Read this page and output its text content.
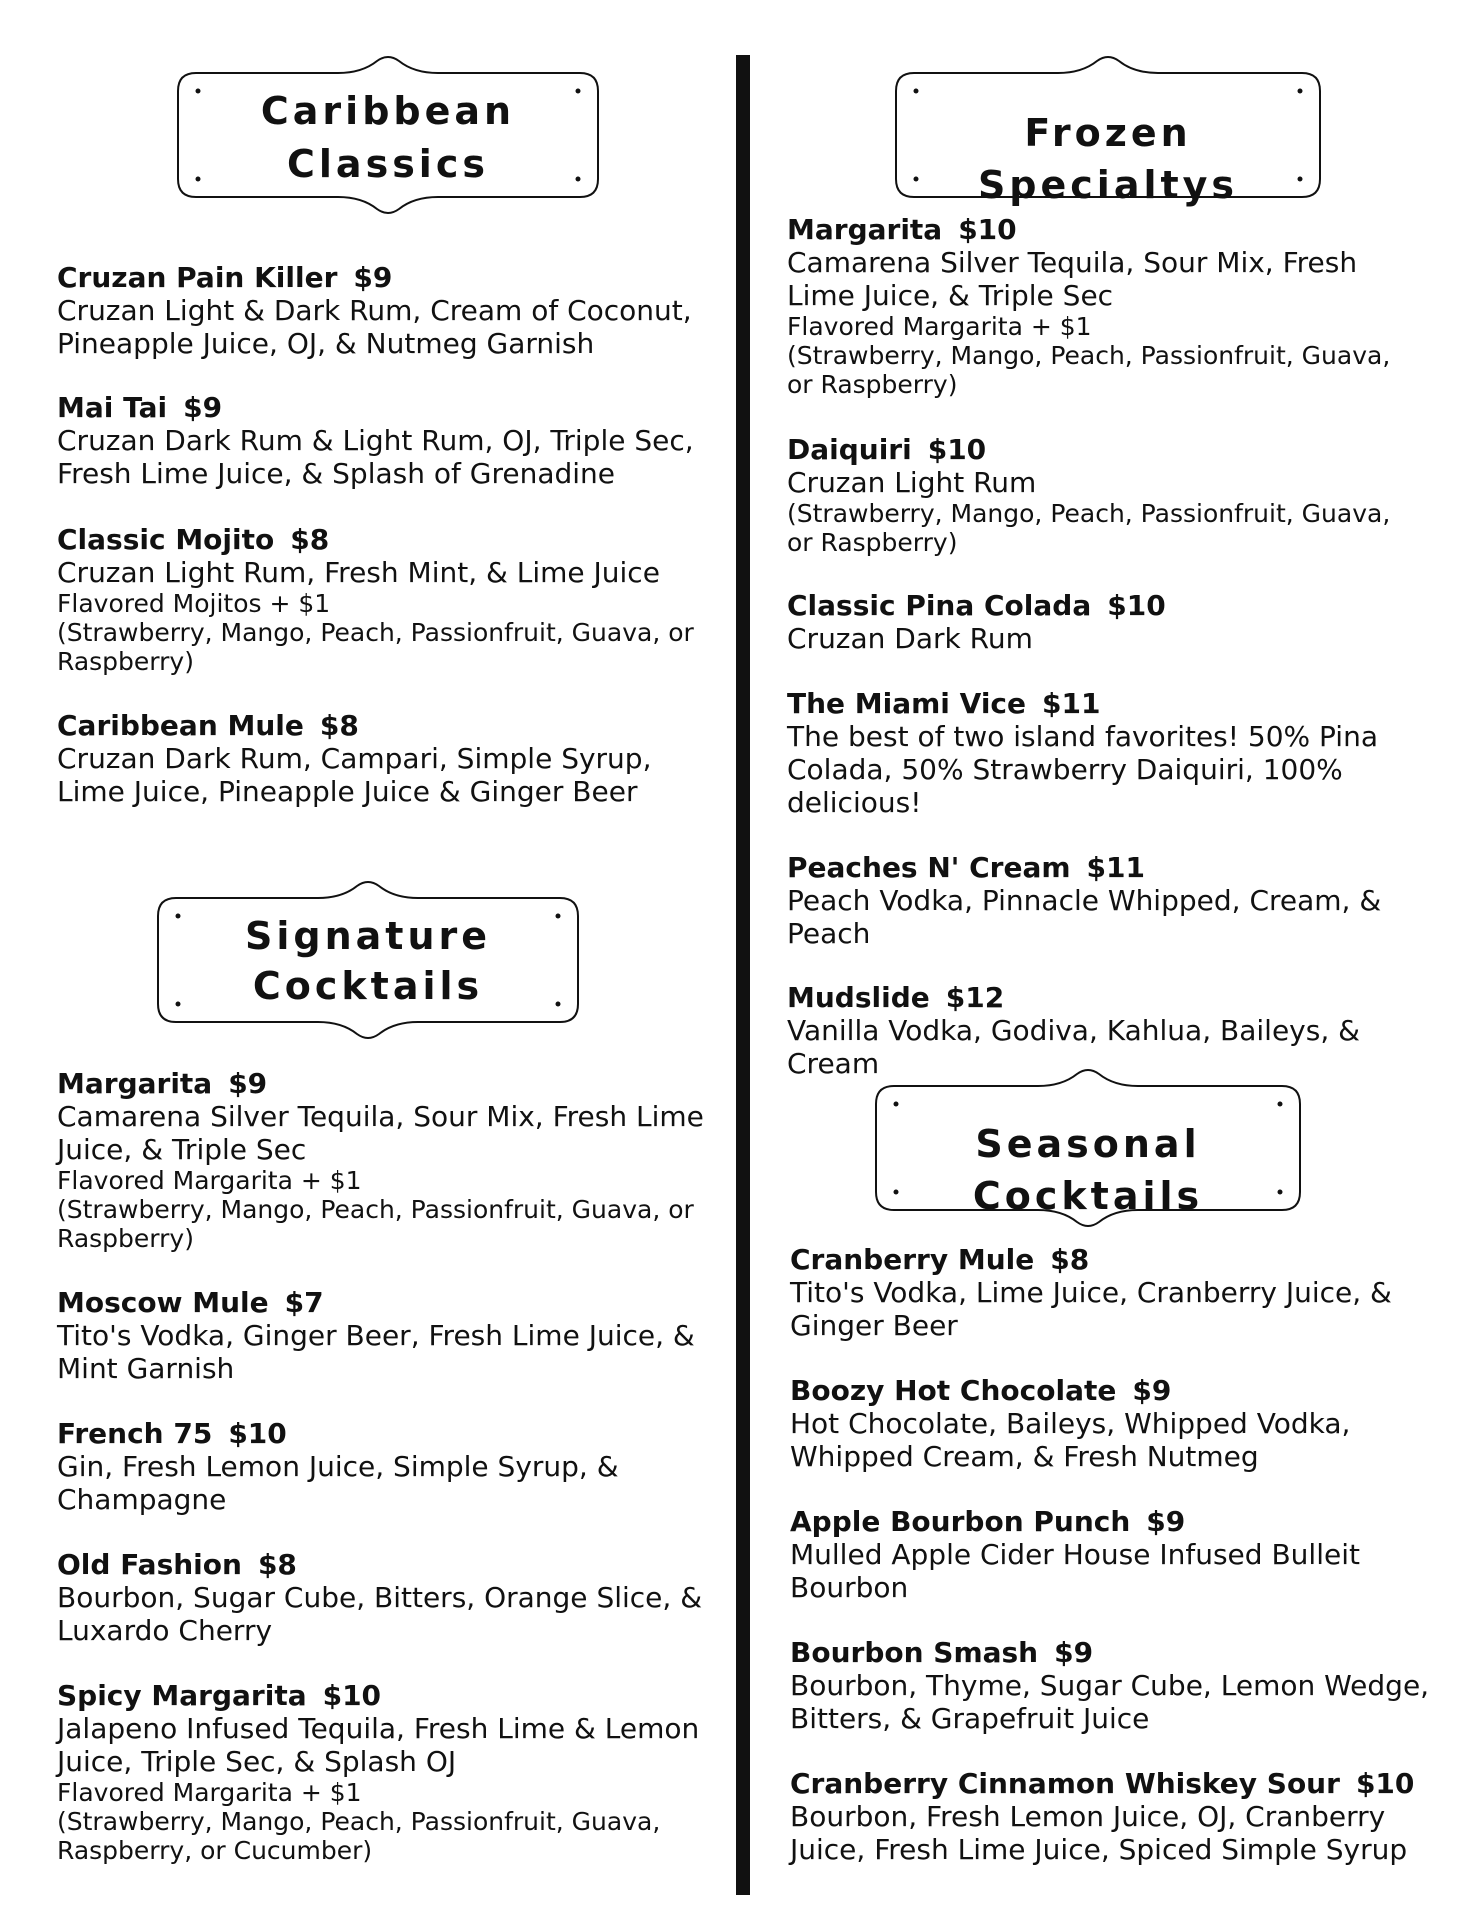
Caribbean
Classics
Cruzan Pain Killer $9
Cruzan Light & Dark Rum, Cream of Coconut, Pineapple Juice, OJ, & Nutmeg Garnish
Mai Tai $9
Cruzan Dark Rum & Light Rum, OJ, Triple Sec, Fresh Lime Juice, & Splash of Grenadine
Classic Mojito $8
Cruzan Light Rum, Fresh Mint, & Lime Juice
Flavored Mojitos + $1
(Strawberry, Mango, Peach, Passionfruit, Guava, or Raspberry)
Caribbean Mule $8
Cruzan Dark Rum, Campari, Simple Syrup, Lime Juice, Pineapple Juice & Ginger Beer
Signature
Cocktails
Margarita $9
Camarena Silver Tequila, Sour Mix, Fresh Lime Juice, & Triple Sec
Flavored Margarita + $1
(Strawberry, Mango, Peach, Passionfruit, Guava, or Raspberry)
Moscow Mule $7
Tito's Vodka, Ginger Beer, Fresh Lime Juice, & Mint Garnish
French 75 $10
Gin, Fresh Lemon Juice, Simple Syrup, & Champagne
Old Fashion $8
Bourbon, Sugar Cube, Bitters, Orange Slice, & Luxardo Cherry
Spicy Margarita $10
Jalapeno Infused Tequila, Fresh Lime & Lemon Juice, Triple Sec, & Splash OJ
Flavored Margarita + $1
(Strawberry, Mango, Peach, Passionfruit, Guava, Raspberry, or Cucumber)
Frozen Specialtys
Margarita $10
Camarena Silver Tequila, Sour Mix, Fresh Lime Juice, & Triple Sec
Flavored Margarita + $1
(Strawberry, Mango, Peach, Passionfruit, Guava, or Raspberry)
Daiquiri $10
Cruzan Light Rum
(Strawberry, Mango, Peach, Passionfruit, Guava, or Raspberry)
Classic Pina Colada $10
Cruzan Dark Rum
The Miami Vice $11
The best of two island favorites! 50% Pina Colada, 50% Strawberry Daiquiri, 100% delicious!
Peaches N' Cream $11
Peach Vodka, Pinnacle Whipped, Cream, & Peach
Mudslide $12
Vanilla Vodka, Godiva, Kahlua, Baileys, & Cream
Seasonal Cocktails
Cranberry Mule $8
Tito's Vodka, Lime Juice, Cranberry Juice, & Ginger Beer
Boozy Hot Chocolate $9
Hot Chocolate, Baileys, Whipped Vodka, Whipped Cream, & Fresh Nutmeg
Apple Bourbon Punch $9
Mulled Apple Cider House Infused Bulleit Bourbon
Bourbon Smash $9
Bourbon, Thyme, Sugar Cube, Lemon Wedge, Bitters, & Grapefruit Juice
Cranberry Cinnamon Whiskey Sour $10
Bourbon, Fresh Lemon Juice, OJ, Cranberry Juice, Fresh Lime Juice, Spiced Simple Syrup
